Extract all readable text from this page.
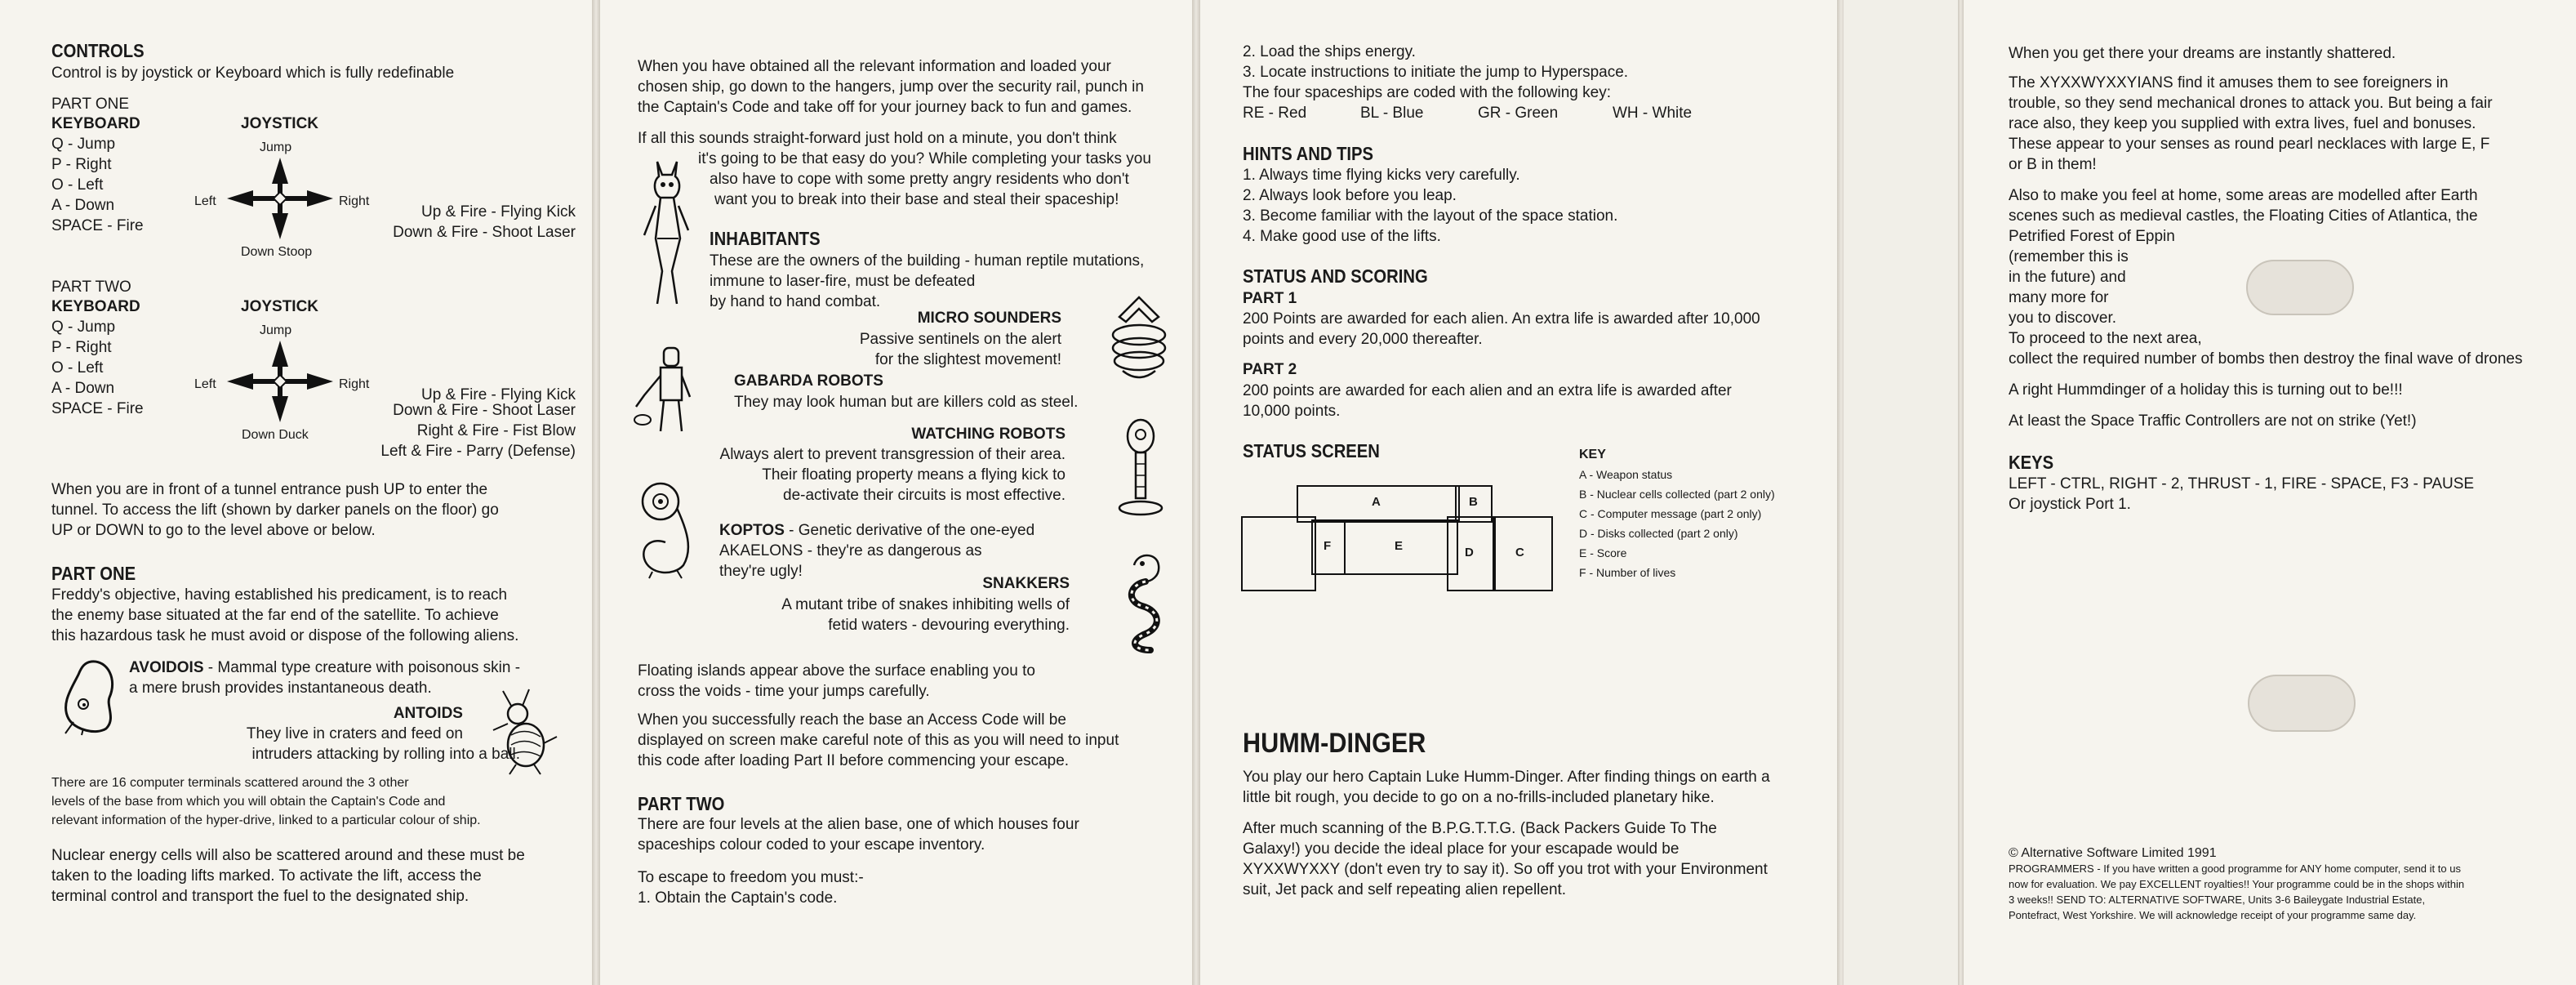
CONTROLS
Control is by joystick or Keyboard which is fully redefinable
PART ONE
KEYBOARD	JOYSTICK
Q - Jump
P - Right
O - Left
A - Down
SPACE - Fire
Jump
Left	Right
Down Stoop
Up & Fire - Flying Kick
Down & Fire - Shoot Laser
PART TWO
KEYBOARD	JOYSTICK
Q - Jump
P - Right
O - Left
A - Down
SPACE - Fire
Jump
Left	Right
Down Duck
Up & Fire - Flying Kick
Down & Fire - Shoot Laser
Right & Fire - Fist Blow
Left & Fire - Parry (Defense)
When you are in front of a tunnel entrance push UP to enter the
tunnel. To access the lift (shown by darker panels on the floor) go
UP or DOWN to go to the level above or below.
PART ONE
Freddy's objective, having established his predicament, is to reach
the enemy base situated at the far end of the satellite. To achieve
this hazardous task he must avoid or dispose of the following aliens.
AVOIDOIS - Mammal type creature with poisonous skin -
a mere brush provides instantaneous death.
ANTOIDS
They live in craters and feed on
intruders attacking by rolling into a ball.
There are 16 computer terminals scattered around the 3 other
levels of the base from which you will obtain the Captain's Code and
relevant information of the hyper-drive, linked to a particular colour of ship.
Nuclear energy cells will also be scattered around and these must be
taken to the loading lifts marked. To activate the lift, access the
terminal control and transport the fuel to the designated ship.
When you have obtained all the relevant information and loaded your
chosen ship, go down to the hangers, jump over the security rail, punch in
the Captain's Code and take off for your journey back to fun and games.
If all this sounds straight-forward just hold on a minute, you don't think
it's going to be that easy do you? While completing your tasks you
also have to cope with some pretty angry residents who don't
want you to break into their base and steal their spaceship!
INHABITANTS
These are the owners of the building - human reptile mutations,
immune to laser-fire, must be defeated
by hand to hand combat.
MICRO SOUNDERS
Passive sentinels on the alert
for the slightest movement!
GABARDA ROBOTS
They may look human but are killers cold as steel.
WATCHING ROBOTS
Always alert to prevent transgression of their area.
Their floating property means a flying kick to
de-activate their circuits is most effective.
KOPTOS - Genetic derivative of the one-eyed
AKAELONS - they're as dangerous as
they're ugly!
SNAKKERS
A mutant tribe of snakes inhibiting wells of
fetid waters - devouring everything.
Floating islands appear above the surface enabling you to
cross the voids - time your jumps carefully.
When you successfully reach the base an Access Code will be
displayed on screen make careful note of this as you will need to input
this code after loading Part II before commencing your escape.
PART TWO
There are four levels at the alien base, one of which houses four
spaceships colour coded to your escape inventory.
To escape to freedom you must:-
1. Obtain the Captain's code.
2. Load the ships energy.
3. Locate instructions to initiate the jump to Hyperspace.
The four spaceships are coded with the following key:
RE - Red	BL - Blue	GR - Green	WH - White
HINTS AND TIPS
1. Always time flying kicks very carefully.
2. Always look before you leap.
3. Become familiar with the layout of the space station.
4. Make good use of the lifts.
STATUS AND SCORING
PART 1
200 Points are awarded for each alien. An extra life is awarded after 10,000
points and every 20,000 thereafter.
PART 2
200 points are awarded for each alien and an extra life is awarded after
10,000 points.
STATUS SCREEN
A	B
F	E	D	C
KEY
A - Weapon status
B - Nuclear cells collected (part 2 only)
C - Computer message (part 2 only)
D - Disks collected (part 2 only)
E - Score
F - Number of lives
HUMM-DINGER
You play our hero Captain Luke Humm-Dinger. After finding things on earth a
little bit rough, you decide to go on a no-frills-included planetary hike.
After much scanning of the B.P.G.T.T.G. (Back Packers Guide To The
Galaxy!) you decide the ideal place for your escapade would be
XYXXWYXXY (don't even try to say it). So off you trot with your Environment
suit, Jet pack and self repeating alien repellent.
When you get there your dreams are instantly shattered.
The XYXXWYXXYIANS find it amuses them to see foreigners in
trouble, so they send mechanical drones to attack you. But being a fair
race also, they keep you supplied with extra lives, fuel and bonuses.
These appear to your senses as round pearl necklaces with large E, F
or B in them!
Also to make you feel at home, some areas are modelled after Earth
scenes such as medieval castles, the Floating Cities of Atlantica, the
Petrified Forest of Eppin
(remember this is
in the future) and
many more for
you to discover.
To proceed to the next area,
collect the required number of bombs then destroy the final wave of drones
A right Hummdinger of a holiday this is turning out to be!!!
At least the Space Traffic Controllers are not on strike (Yet!)
KEYS
LEFT - CTRL, RIGHT - 2, THRUST - 1, FIRE - SPACE, F3 - PAUSE
Or joystick Port 1.
© Alternative Software Limited 1991
PROGRAMMERS - If you have written a good programme for ANY home computer, send it to us
now for evaluation. We pay EXCELLENT royalties!! Your programme could be in the shops within
3 weeks!! SEND TO: ALTERNATIVE SOFTWARE, Units 3-6 Baileygate Industrial Estate,
Pontefract, West Yorkshire. We will acknowledge receipt of your programme same day.
